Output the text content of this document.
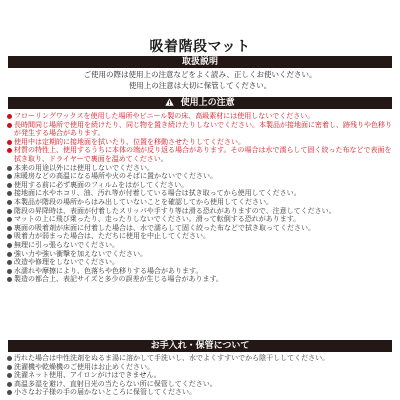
吸着階段マット
取扱説明
ご使用の際は使用上の注意などをよく読み、正しくお使いください。
使用上の注意は大切に保管してください。
使用上の注意
フローリングワックスを使用した場所やビニール製の床、高級素材には使用しないでください。
長時間同じ場所で使用を続けたり、同じ物を置き続けたりしないでください。本製品が接地面に密着し、跡残りや色移りが発生する場合があります。
使用中は定期的に接地面を拭いたり、位置を移動させたりしてください。
材質の特性上、使用するうちに本体の端が反り返る場合があります。その場合は水で濡らして固く絞った布などで表面を拭き取り、ドライヤーで裏面を温めてください。
本来の用途以外には使用しないでください。
床暖房などの高温になる場所や火のそばに置かないでください。
使用する前に必ず裏面のフィルムをはがしてください。
接地面に水やホコリ、油、汚れ等が付着している場合は拭き取ってから使用してください。
本製品が階段の場所からはみ出していないことを確認してから使用してください。
階段の昇降時は、表面が付着したスリッパや手すり等は滑る恐れがありますので、注意してください。
マットの上に飛び乗ったり、走ったりしないでください。滑って転倒する恐れがあります。
裏面の吸着剤が床面に付着した場合は、水で濡らして固く絞った布などで拭き取ってください。
吸着力が弱まった場合は、ただちに使用を中止してください。
無理に引っ張らないでください。
強い力や強い衝撃を加えないでください。
改造や修理をしないでください。
水濡れや摩擦により、色落ちや色移りする場合があります。
製造の都合上、表記サイズと多少の誤差が生じる場合があります。
お手入れ・保管について
汚れた場合は中性洗剤をぬるま湯に溶かして手洗いし、水でよくすすいでから陰干ししてください。
洗濯機や乾燥機のご使用はお止めください。
洗濯ネット使用、アイロンがけはできません。
高温多湿を避け、直射日光の当たらない所に保管してください。
小さなお子様の手の届かないところに保管してください。
